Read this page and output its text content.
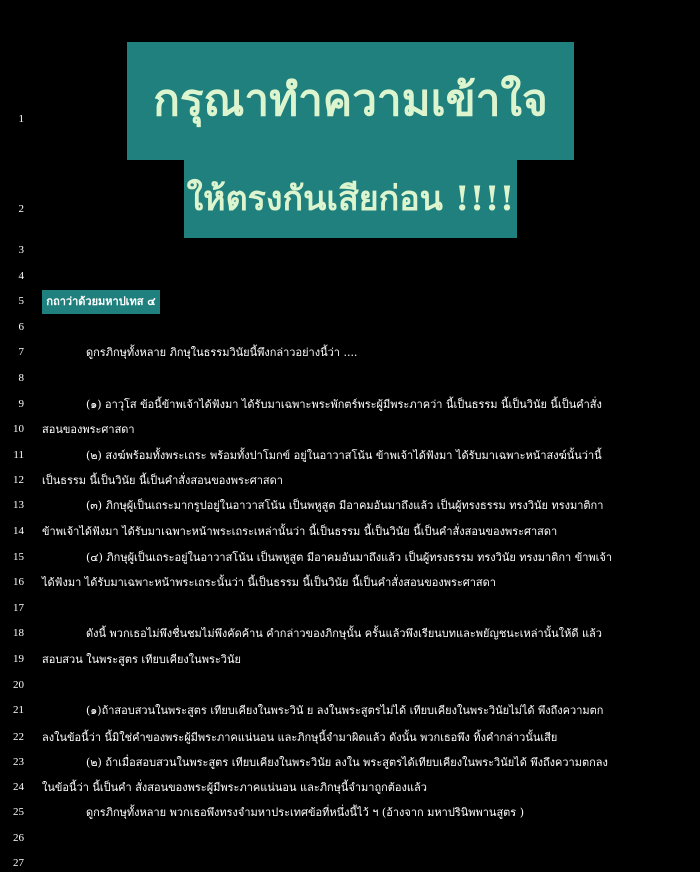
กรุณาทำความเข้าใจ
ให้ตรงกันเสียก่อน !!!!
กถาว่าด้วยมหาปเทส ๔
1
2
3
4
5
6
7
8
9
10
11
12
13
14
15
16
17
18
19
20
21
22
23
24
25
26
27
ดูกรภิกษุทั้งหลาย ภิกษุในธรรมวินัยนี้พึงกล่าวอย่างนี้ว่า ....
(๑) อาวุโส ข้อนี้ข้าพเจ้าได้ฟังมา ได้รับมาเฉพาะพระพักตร์พระผู้มีพระภาคว่า นี้เป็นธรรม นี้เป็นวินัย นี้เป็นคำสั่ง
สอนของพระศาสดา
(๒) สงฆ์พร้อมทั้งพระเถระ พร้อมทั้งปาโมกข์ อยู่ในอาวาสโน้น ข้าพเจ้าได้ฟังมา ได้รับมาเฉพาะหน้าสงฆ์นั้นว่านี้
เป็นธรรม นี้เป็นวินัย นี้เป็นคำสั่งสอนของพระศาสดา
(๓) ภิกษุผู้เป็นเถระมากรูปอยู่ในอาวาสโน้น เป็นพหูสูต มีอาคมอันมาถึงแล้ว เป็นผู้ทรงธรรม ทรงวินัย ทรงมาติกา
ข้าพเจ้าได้ฟังมา ได้รับมาเฉพาะหน้าพระเถระเหล่านั้นว่า นี้เป็นธรรม นี้เป็นวินัย นี้เป็นคำสั่งสอนของพระศาสดา
(๔) ภิกษุผู้เป็นเถระอยู่ในอาวาสโน้น เป็นพหูสูต มีอาคมอันมาถึงแล้ว เป็นผู้ทรงธรรม ทรงวินัย ทรงมาติกา ข้าพเจ้า
ได้ฟังมา ได้รับมาเฉพาะหน้าพระเถระนั้นว่า นี้เป็นธรรม นี้เป็นวินัย นี้เป็นคำสั่งสอนของพระศาสดา
ดังนี้ พวกเธอไม่พึงชื่นชมไม่พึงคัดค้าน คำกล่าวของภิกษุนั้น ครั้นแล้วพึงเรียนบทและพยัญชนะเหล่านั้นให้ดี แล้ว
สอบสวน ในพระสูตร เทียบเคียงในพระวินัย
(๑)ถ้าสอบสวนในพระสูตร เทียบเคียงในพระวินั ย ลงในพระสูตรไม่ได้ เทียบเคียงในพระวินัยไม่ได้ พึงถึงความตก
ลงในข้อนี้ว่า นี้มิใช่คำของพระผู้มีพระภาคแน่นอน และภิกษุนี้จำมาผิดแล้ว ดังนั้น พวกเธอพึง ทิ้งคำกล่าวนั้นเสีย
(๒) ถ้าเมื่อสอบสวนในพระสูตร เทียบเคียงในพระวินัย ลงใน พระสูตรได้เทียบเคียงในพระวินัยได้ พึงถึงความตกลง
ในข้อนี้ว่า นี้เป็นคำ สั่งสอนของพระผู้มีพระภาคแน่นอน และภิกษุนี้จำมาถูกต้องแล้ว
ดูกรภิกษุทั้งหลาย พวกเธอพึงทรงจำมหาประเทศข้อที่หนึ่งนี้ไว้ ฯ (อ้างจาก มหาปรินิพพานสูตร )
